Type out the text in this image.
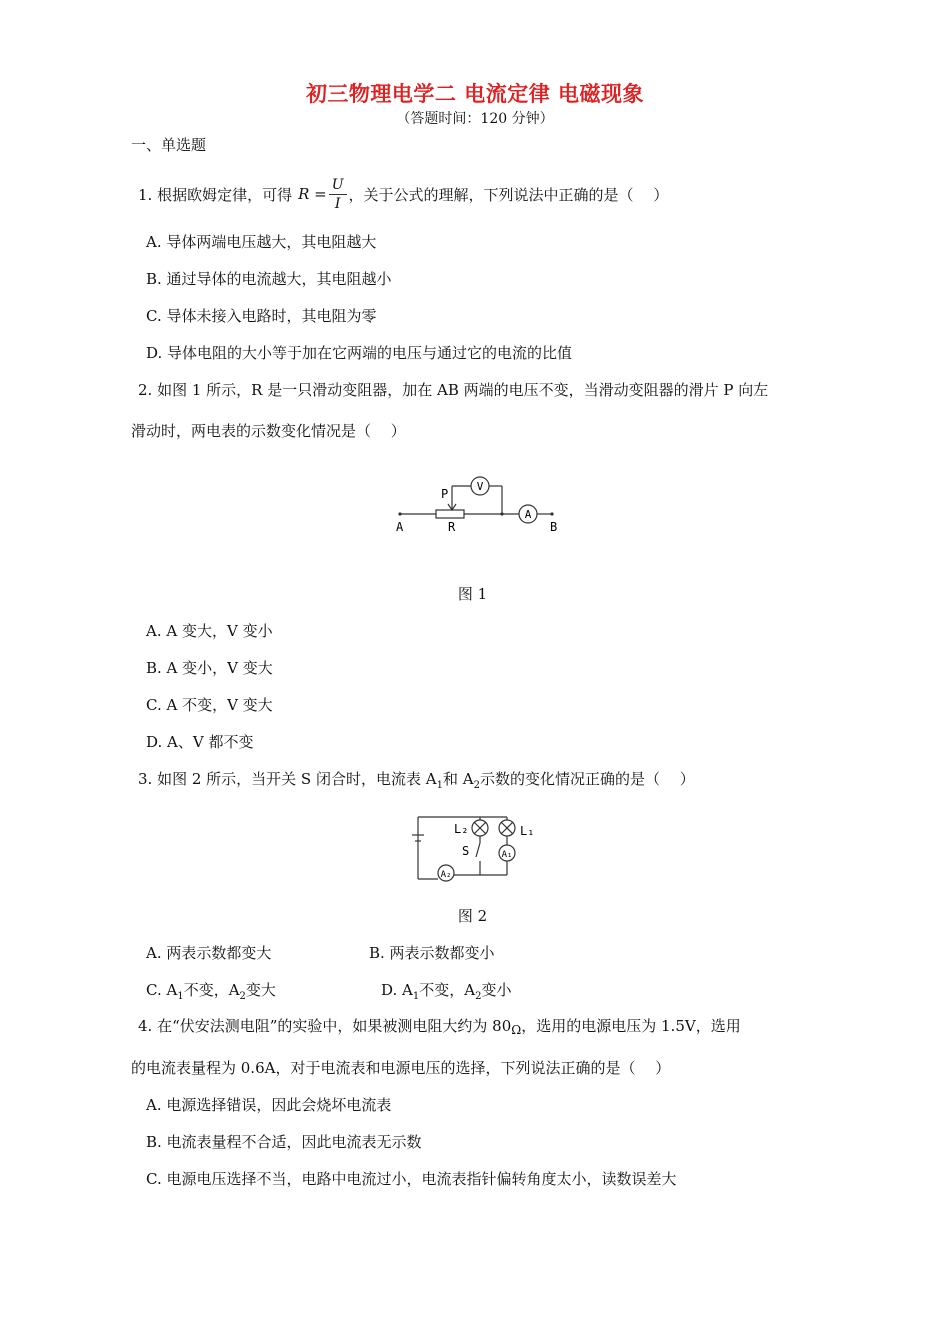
初三物理电学二 电流定律 电磁现象
（答题时间：120 分钟）
一、单选题
1. 根据欧姆定律，可得 $R = \frac{U}{I}$ ，关于公式的理解，下列说法中正确的是（　 ）
A. 导体两端电压越大，其电阻越大
B. 通过导体的电流越大，其电阻越小
C. 导体未接入电路时，其电阻为零
D. 导体电阻的大小等于加在它两端的电压与通过它的电流的比值
2. 如图 1 所示，R 是一只滑动变阻器，加在 AB 两端的电压不变，当滑动变阻器的滑片 P 向左
滑动时，两电表的示数变化情况是（　 ）
V
A
P
R
A	B
图 1
A. A 变大，V 变小
B. A 变小，V 变大
C. A 不变，V 变大
D. A、V 都不变
3. 如图 2 所示，当开关 S 闭合时，电流表 $A_1$和 $A_2$示数的变化情况正确的是（　 ）
L₂	L₁
S	A₁
A₂
图 2
A. 两表示数都变大	B. 两表示数都变小
C. $A_1$不变，$A_2$变大	D. $A_1$不变，$A_2$变小
4. 在“伏安法测电阻”的实验中，如果被测电阻大约为 $80_\Omega$，选用的电源电压为 1.5V，选用
的电流表量程为 0.6A，对于电流表和电源电压的选择，下列说法正确的是（　 ）
A. 电源选择错误，因此会烧坏电流表
B. 电流表量程不合适，因此电流表无示数
C. 电源电压选择不当，电路中电流过小，电流表指针偏转角度太小，读数误差大
